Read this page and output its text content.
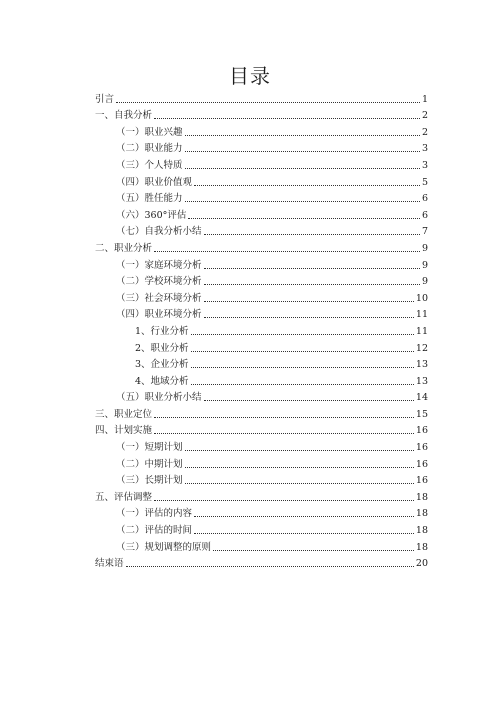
目录
引言	1
一、自我分析	2
（一）职业兴趣	2
（二）职业能力	3
（三）个人特质	3
（四）职业价值观	5
（五）胜任能力	6
（六）360°评估	6
（七）自我分析小结	7
二、职业分析	9
（一）家庭环境分析	9
（二）学校环境分析	9
（三）社会环境分析	10
（四）职业环境分析	11
1、行业分析	11
2、职业分析	12
3、企业分析	13
4、地域分析	13
（五）职业分析小结	14
三、职业定位	15
四、计划实施	16
（一）短期计划	16
（二）中期计划	16
（三）长期计划	16
五、评估调整	18
（一）评估的内容	18
（二）评估的时间	18
（三）规划调整的原则	18
结束语	20
